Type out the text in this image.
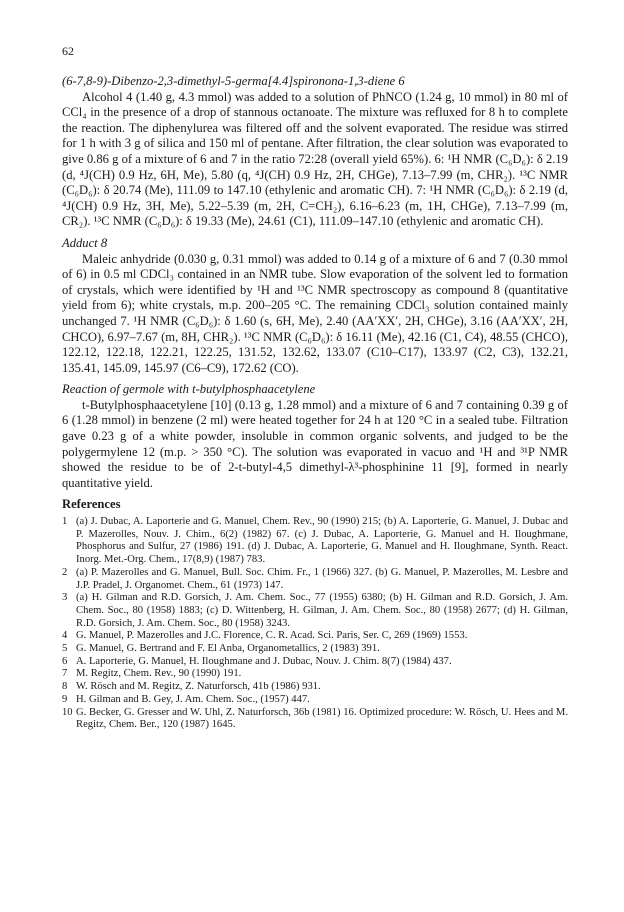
62

(6-7,8-9)-Dibenzo-2,3-dimethyl-5-germa[4.4]spironona-1,3-diene 6

Alcohol 4 (1.40 g, 4.3 mmol) was added to a solution of PhNCO (1.24 g, 10 mmol) in 80 ml of CCl₄ in the presence of a drop of stannous octanoate. The mixture was refluxed for 8 h to complete the reaction. The diphenylurea was filtered off and the solvent evaporated. The residue was stirred for 1 h with 3 g of silica and 150 ml of pentane. After filtration, the clear solution was evaporated to give 0.86 g of a mixture of 6 and 7 in the ratio 72:28 (overall yield 65%). 6: ¹H NMR (C₆D₆): δ 2.19 (d, ⁴J(CH) 0.9 Hz, 6H, Me), 5.80 (q, ⁴J(CH) 0.9 Hz, 2H, CHGe), 7.13–7.99 (m, CHR₂). ¹³C NMR (C₆D₆): δ 20.74 (Me), 111.09 to 147.10 (ethylenic and aromatic CH). 7: ¹H NMR (C₆D₆): δ 2.19 (d, ⁴J(CH) 0.9 Hz, 3H, Me), 5.22–5.39 (m, 2H, C=CH₂), 6.16–6.23 (m, 1H, CHGe), 7.13–7.99 (m, CR₂). ¹³C NMR (C₆D₆): δ 19.33 (Me), 24.61 (C1), 111.09–147.10 (ethylenic and aromatic CH).

Adduct 8

Maleic anhydride (0.030 g, 0.31 mmol) was added to 0.14 g of a mixture of 6 and 7 (0.30 mmol of 6) in 0.5 ml CDCl₃ contained in an NMR tube. Slow evaporation of the solvent led to formation of crystals, which were identified by ¹H and ¹³C NMR spectroscopy as compound 8 (quantitative yield from 6); white crystals, m.p. 200–205 °C. The remaining CDCl₃ solution contained mainly unchanged 7. ¹H NMR (C₆D₆): δ 1.60 (s, 6H, Me), 2.40 (AA′XX′, 2H, CHGe), 3.16 (AA′XX′, 2H, CHCO), 6.97–7.67 (m, 8H, CHR₂). ¹³C NMR (C₆D₆): δ 16.11 (Me), 42.16 (C1, C4), 48.55 (CHCO), 122.12, 122.18, 122.21, 122.25, 131.52, 132.62, 133.07 (C10–C17), 133.97 (C2, C3), 132.21, 135.41, 145.09, 145.97 (C6–C9), 172.62 (CO).

Reaction of germole with t-butylphosphaacetylene

t-Butylphosphaacetylene [10] (0.13 g, 1.28 mmol) and a mixture of 6 and 7 containing 0.39 g of 6 (1.28 mmol) in benzene (2 ml) were heated together for 24 h at 120 °C in a sealed tube. Filtration gave 0.23 g of a white powder, insoluble in common organic solvents, and judged to be the polygermylene 12 (m.p. > 350 °C). The solution was evaporated in vacuo and ¹H and ³¹P NMR showed the residue to be of 2-t-butyl-4,5 dimethyl-λ³-phosphinine 11 [9], formed in nearly quantitative yield.

References

1 (a) J. Dubac, A. Laporterie and G. Manuel, Chem. Rev., 90 (1990) 215; (b) A. Laporterie, G. Manuel, J. Dubac and P. Mazerolles, Nouv. J. Chim., 6(2) (1982) 67. (c) J. Dubac, A. Laporterie, G. Manuel and H. Iloughmane, Phosphorus and Sulfur, 27 (1986) 191. (d) J. Dubac, A. Laporterie, G. Manuel and H. Iloughmane, Synth. React. Inorg. Met.-Org. Chem., 17(8,9) (1987) 783.
2 (a) P. Mazerolles and G. Manuel, Bull. Soc. Chim. Fr., 1 (1966) 327. (b) G. Manuel, P. Mazerolles, M. Lesbre and J.P. Pradel, J. Organomet. Chem., 61 (1973) 147.
3 (a) H. Gilman and R.D. Gorsich, J. Am. Chem. Soc., 77 (1955) 6380; (b) H. Gilman and R.D. Gorsich, J. Am. Chem. Soc., 80 (1958) 1883; (c) D. Wittenberg, H. Gilman, J. Am. Chem. Soc., 80 (1958) 2677; (d) H. Gilman, R.D. Gorsich, J. Am. Chem. Soc., 80 (1958) 3243.
4 G. Manuel, P. Mazerolles and J.C. Florence, C. R. Acad. Sci. Paris, Ser. C, 269 (1969) 1553.
5 G. Manuel, G. Bertrand and F. El Anba, Organometallics, 2 (1983) 391.
6 A. Laporterie, G. Manuel, H. Iloughmane and J. Dubac, Nouv. J. Chim. 8(7) (1984) 437.
7 M. Regitz, Chem. Rev., 90 (1990) 191.
8 W. Rösch and M. Regitz, Z. Naturforsch, 41b (1986) 931.
9 H. Gilman and B. Gey, J. Am. Chem. Soc., (1957) 447.
10 G. Becker, G. Gresser and W. Uhl, Z. Naturforsch, 36b (1981) 16. Optimized procedure: W. Rösch, U. Hees and M. Regitz, Chem. Ber., 120 (1987) 1645.
